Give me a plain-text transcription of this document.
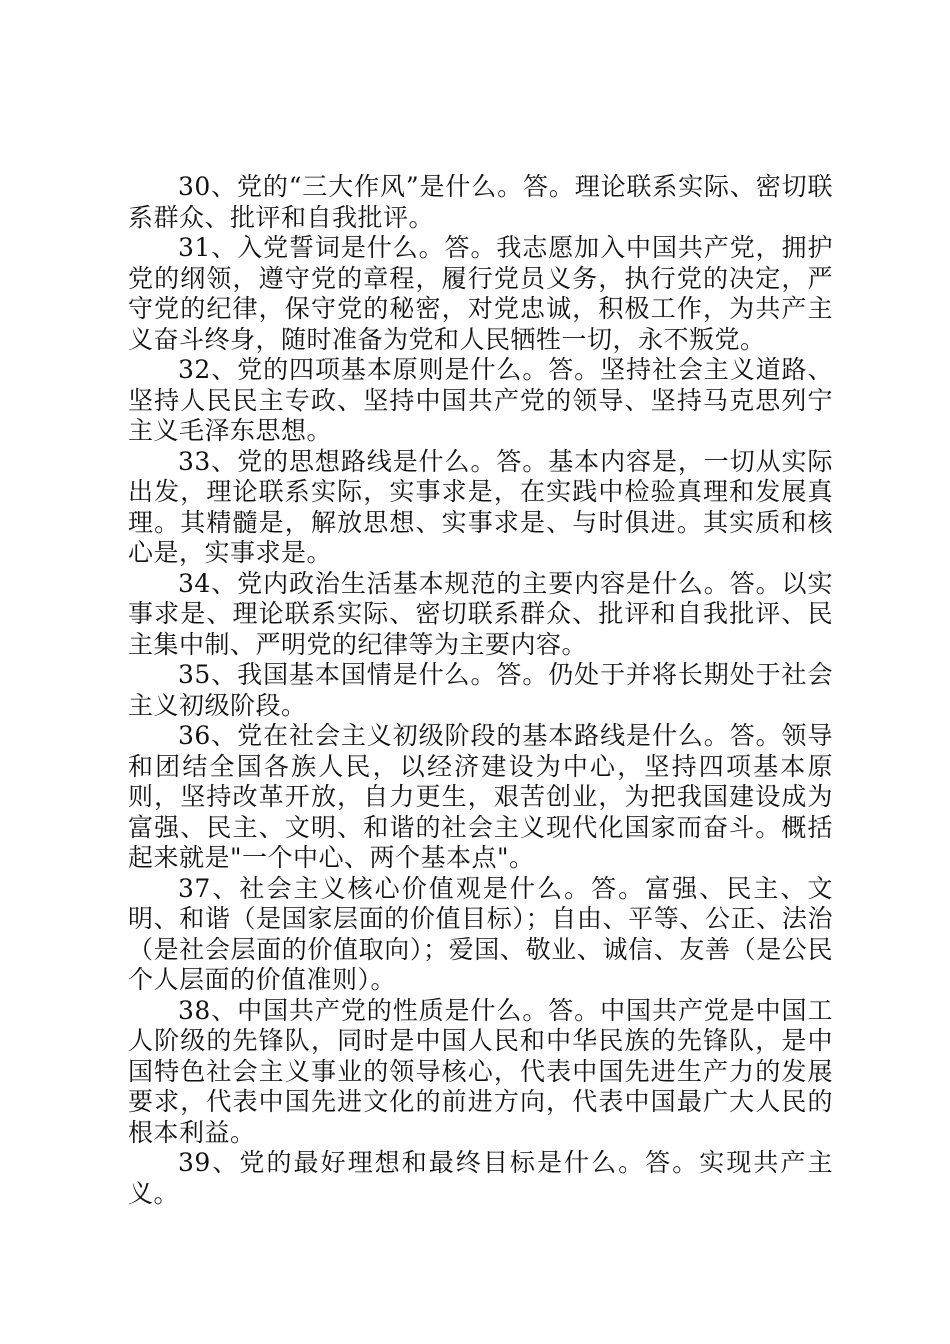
30、党的“三大作风”是什么。答。理论联系实际、密切联系群众、批评和自我批评。

31、入党誓词是什么。答。我志愿加入中国共产党，拥护党的纲领，遵守党的章程，履行党员义务，执行党的决定，严守党的纪律，保守党的秘密，对党忠诚，积极工作，为共产主义奋斗终身，随时准备为党和人民牺牲一切，永不叛党。

32、党的四项基本原则是什么。答。坚持社会主义道路、坚持人民民主专政、坚持中国共产党的领导、坚持马克思列宁主义毛泽东思想。

33、党的思想路线是什么。答。基本内容是，一切从实际出发，理论联系实际，实事求是，在实践中检验真理和发展真理。其精髓是，解放思想、实事求是、与时俱进。其实质和核心是，实事求是。

34、党内政治生活基本规范的主要内容是什么。答。以实事求是、理论联系实际、密切联系群众、批评和自我批评、民主集中制、严明党的纪律等为主要内容。

35、我国基本国情是什么。答。仍处于并将长期处于社会主义初级阶段。

36、党在社会主义初级阶段的基本路线是什么。答。领导和团结全国各族人民，以经济建设为中心，坚持四项基本原则，坚持改革开放，自力更生，艰苦创业，为把我国建设成为富强、民主、文明、和谐的社会主义现代化国家而奋斗。概括起来就是"一个中心、两个基本点"。

37、社会主义核心价值观是什么。答。富强、民主、文明、和谐（是国家层面的价值目标）；自由、平等、公正、法治（是社会层面的价值取向）；爱国、敬业、诚信、友善（是公民个人层面的价值准则）。

38、中国共产党的性质是什么。答。中国共产党是中国工人阶级的先锋队，同时是中国人民和中华民族的先锋队，是中国特色社会主义事业的领导核心，代表中国先进生产力的发展要求，代表中国先进文化的前进方向，代表中国最广大人民的根本利益。

39、党的最好理想和最终目标是什么。答。实现共产主义。
